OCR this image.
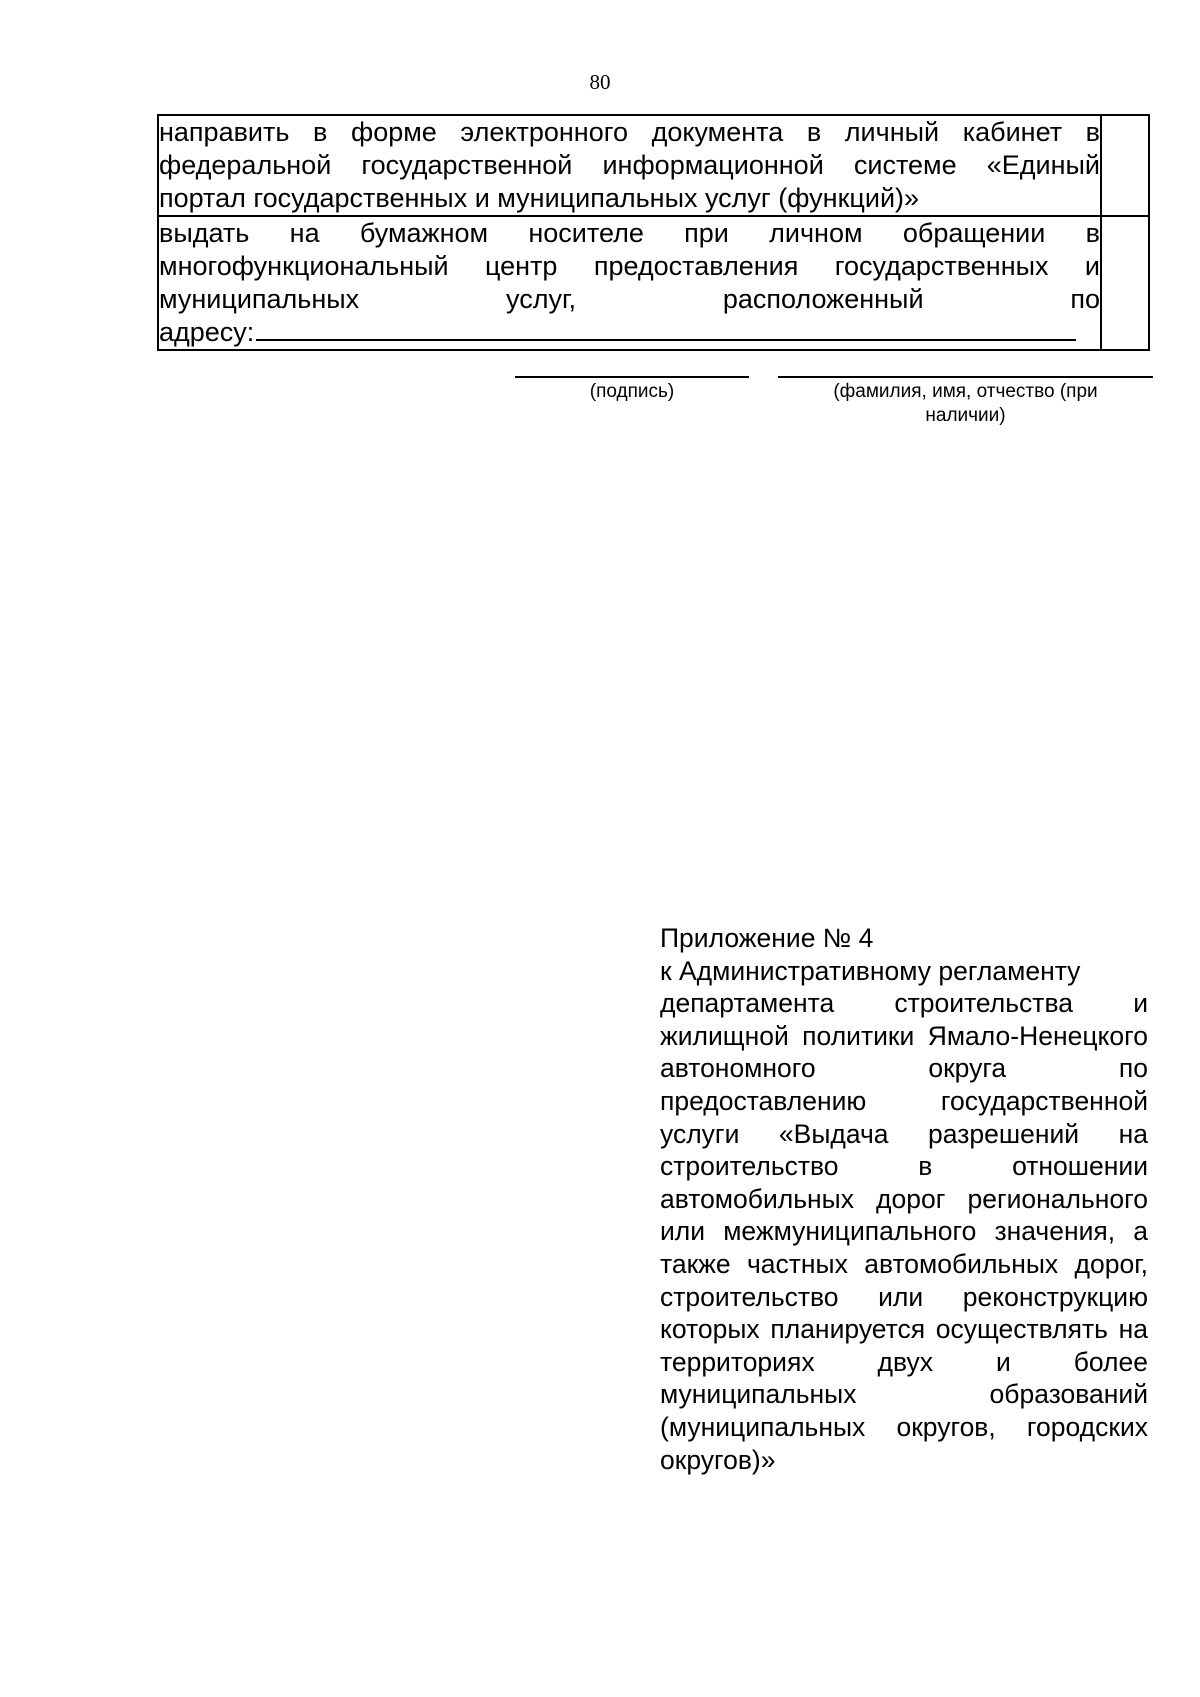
80
направить в форме электронного документа в личный кабинет в федеральной государственной информационной системе «Единый портал государственных и муниципальных услуг (функций)»	

выдать на бумажном носителе при личном обращении в многофункциональный центр предоставления государственных и муниципальных услуг, расположенный по
адресу:	

(подпись)	(фамилия, имя, отчество (при наличии)
Приложение № 4
к Административному регламенту
департамента строительства и жилищной политики Ямало-Ненецкого автономного округа по предоставлению государственной услуги «Выдача разрешений на строительство в отношении автомобильных дорог регионального или межмуниципального значения, а также частных автомобильных дорог, строительство или реконструкцию которых планируется осуществлять на территориях двух и более муниципальных образований (муниципальных округов, городских округов)»
